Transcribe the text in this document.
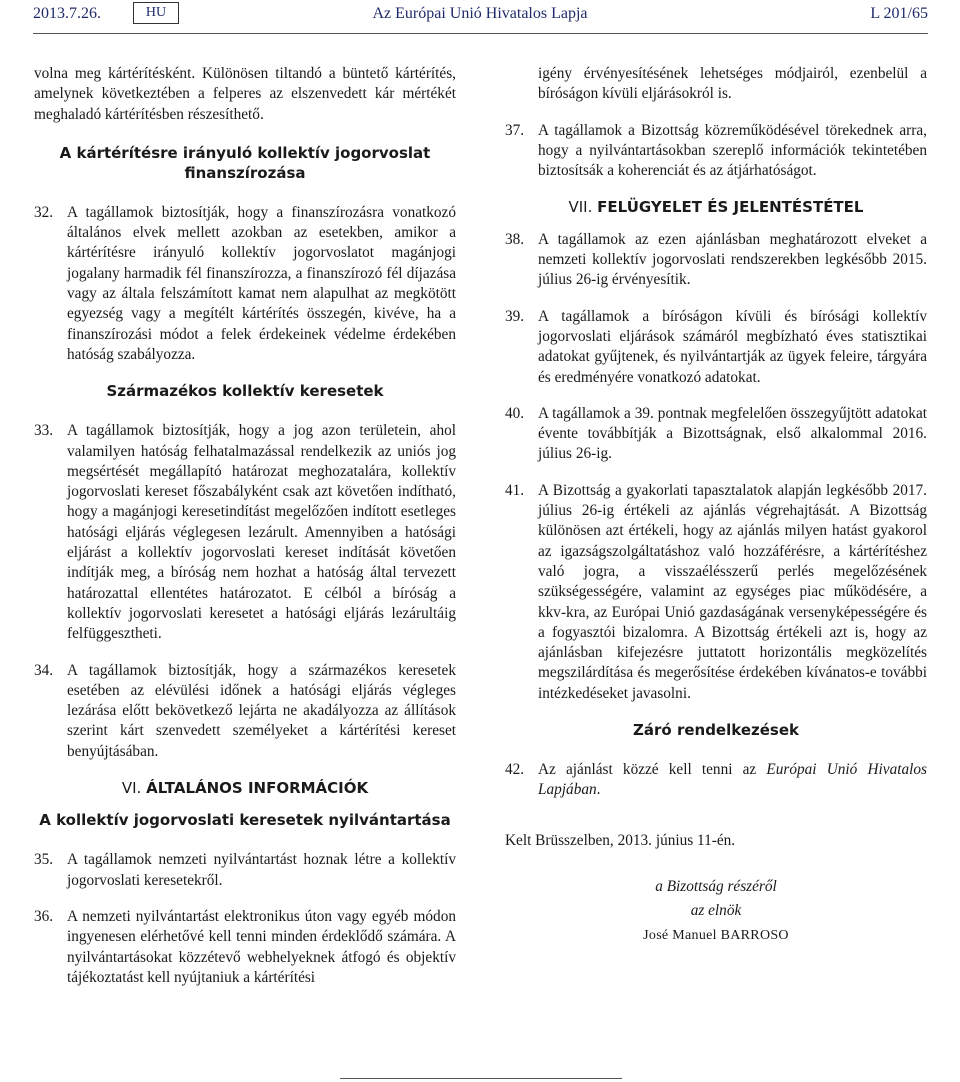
2013.7.26.	HU	Az Európai Unió Hivatalos Lapja	L 201/65

volna meg kártérítésként. Különösen tiltandó a büntető kártérítés, amelynek következtében a felperes az elszenvedett kár mértékét meghaladó kártérítésben részesíthető.

A kártérítésre irányuló kollektív jogorvoslat finanszírozása
32. A tagállamok biztosítják, hogy a finanszírozásra vonatkozó általános elvek mellett azokban az esetekben, amikor a kártérítésre irányuló kollektív jogorvoslatot magánjogi jogalany harmadik fél finanszírozza, a finanszírozó fél díjazása vagy az általa felszámított kamat nem alapulhat az megkötött egyezség vagy a megítélt kártérítés összegén, kivéve, ha a finanszírozási módot a felek érdekeinek védelme érdekében hatóság szabályozza.
Származékos kollektív keresetek
33. A tagállamok biztosítják, hogy a jog azon területein, ahol valamilyen hatóság felhatalmazással rendelkezik az uniós jog megsértését megállapító határozat meghozatalára, kollektív jogorvoslati kereset főszabályként csak azt követően indítható, hogy a magánjogi keresetindítást megelőzően indított esetleges hatósági eljárás véglegesen lezárult. Amennyiben a hatósági eljárást a kollektív jogorvoslati kereset indítását követően indítják meg, a bíróság nem hozhat a hatóság által tervezett határozattal ellentétes határozatot. E célból a bíróság a kollektív jogorvoslati keresetet a hatósági eljárás lezárultáig felfüggesztheti.
34. A tagállamok biztosítják, hogy a származékos keresetek esetében az elévülési időnek a hatósági eljárás végleges lezárása előtt bekövetkező lejárta ne akadályozza az állítások szerint kárt szenvedett személyeket a kártérítési kereset benyújtásában.
VI. ÁLTALÁNOS INFORMÁCIÓK
A kollektív jogorvoslati keresetek nyilvántartása
35. A tagállamok nemzeti nyilvántartást hoznak létre a kollektív jogorvoslati keresetekről.
36. A nemzeti nyilvántartást elektronikus úton vagy egyéb módon ingyenesen elérhetővé kell tenni minden érdeklődő számára. A nyilvántartásokat közzétevő webhelyeknek átfogó és objektív tájékoztatást kell nyújtaniuk a kártérítési
igény érvényesítésének lehetséges módjairól, ezenbelül a bíróságon kívüli eljárásokról is.
37. A tagállamok a Bizottság közreműködésével törekednek arra, hogy a nyilvántartásokban szereplő információk tekintetében biztosítsák a koherenciát és az átjárhatóságot.
VII. FELÜGYELET ÉS JELENTÉSTÉTEL
38. A tagállamok az ezen ajánlásban meghatározott elveket a nemzeti kollektív jogorvoslati rendszerekben legkésőbb 2015. július 26-ig érvényesítik.
39. A tagállamok a bíróságon kívüli és bírósági kollektív jogorvoslati eljárások számáról megbízható éves statisztikai adatokat gyűjtenek, és nyilvántartják az ügyek feleire, tárgyára és eredményére vonatkozó adatokat.
40. A tagállamok a 39. pontnak megfelelően összegyűjtött adatokat évente továbbítják a Bizottságnak, első alkalommal 2016. július 26-ig.
41. A Bizottság a gyakorlati tapasztalatok alapján legkésőbb 2017. július 26-ig értékeli az ajánlás végrehajtását. A Bizottság különösen azt értékeli, hogy az ajánlás milyen hatást gyakorol az igazságszolgáltatáshoz való hozzáférésre, a kártérítéshez való jogra, a visszaélésszerű perlés megelőzésének szükségességére, valamint az egységes piac működésére, a kkv-kra, az Európai Unió gazdaságának versenyképességére és a fogyasztói bizalomra. A Bizottság értékeli azt is, hogy az ajánlásban kifejezésre juttatott horizontális megközelítés megszilárdítása és megerősítése érdekében kívánatos-e további intézkedéseket javasolni.
Záró rendelkezések
42. Az ajánlást közzé kell tenni az Európai Unió Hivatalos Lapjában.

Kelt Brüsszelben, 2013. június 11-én.

a Bizottság részéről

az elnök

José Manuel BARROSO
